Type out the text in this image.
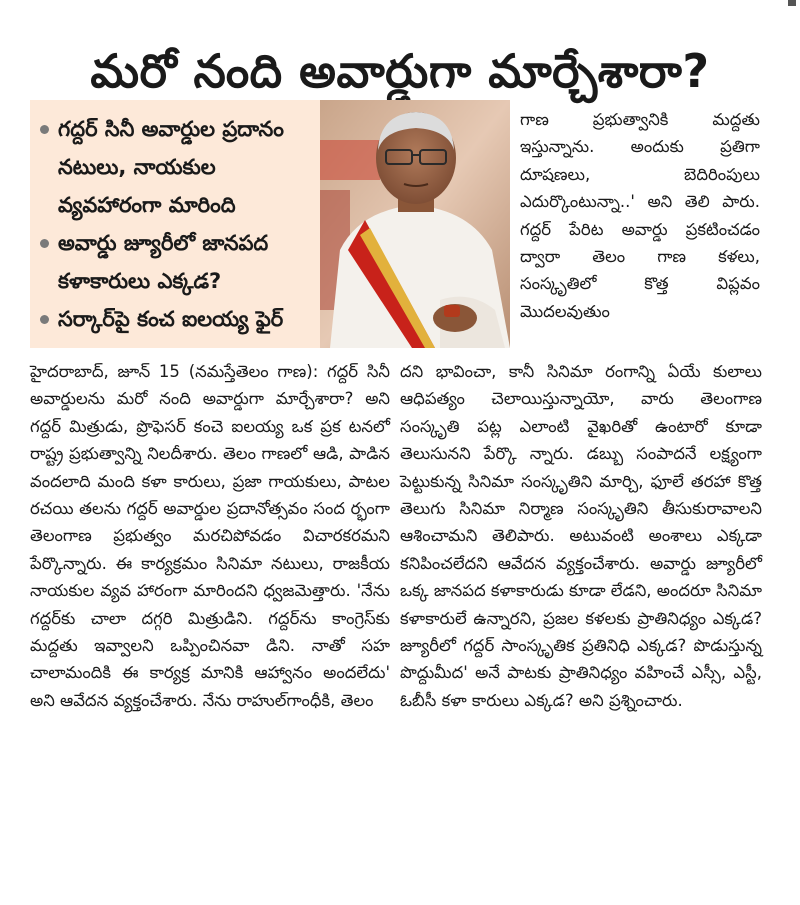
మరో నంది అవార్డుగా మార్చేశారా?
గద్దర్ సినీ అవార్డుల ప్రదానం నటులు, నాయకుల వ్యవహారంగా మారింది
అవార్డు జ్యూరీలో జానపద కళాకారులు ఎక్కడ?
సర్కార్‌పై కంచ ఐలయ్య ఫైర్
గాణ ప్రభుత్వానికి మద్దతు ఇస్తున్నాను. అందుకు ప్రతిగా దూషణలు, బెదిరింపులు ఎదుర్కొంటున్నా..' అని తెలి పారు. గద్దర్ పేరిట అవార్డు ప్రకటించడం ద్వారా తెలం గాణ కళలు, సంస్కృతిలో కొత్త విప్లవం మొదలవుతుం
హైదరాబాద్, జూన్ 15 (నమస్తేతెలం గాణ): గద్దర్ సినీ అవార్డులను మరో నంది అవార్డుగా మార్చేశారా? అని గద్దర్ మిత్రుడు, ప్రొఫెసర్ కంచె ఐలయ్య ఒక ప్రక టనలో రాష్ట్ర ప్రభుత్వాన్ని నిలదీశారు. తెలం గాణలో ఆడి, పాడిన వందలాది మంది కళా కారులు, ప్రజా గాయకులు, పాటల రచయి తలను గద్దర్ అవార్డుల ప్రదానోత్సవం సంద ర్భంగా తెలంగాణ ప్రభుత్వం మరచిపోవడం విచారకరమని పేర్కొన్నారు. ఈ కార్యక్రమం సినిమా నటులు, రాజకీయ నాయకుల వ్యవ హారంగా మారిందని ధ్వజమెత్తారు. 'నేను గద్దర్‌కు చాలా దగ్గరి మిత్రుడిని. గద్దర్‌ను కాంగ్రెస్‌కు మద్దతు ఇవ్వాలని ఒప్పించినవా డిని. నాతో సహ చాలామందికి ఈ కార్యక్ర మానికి ఆహ్వానం అందలేదు' అని ఆవేదన వ్యక్తంచేశారు. నేను రాహుల్‌గాంధీకి, తెలం
దని భావించా, కానీ సినిమా రంగాన్ని ఏయే కులాలు ఆధిపత్యం చెలాయిస్తున్నాయో, వారు తెలంగాణ సంస్కృతి పట్ల ఎలాంటి వైఖరితో ఉంటారో కూడా తెలుసునని పేర్కొ న్నారు. డబ్బు సంపాదనే లక్ష్యంగా పెట్టుకున్న సినిమా సంస్కృతిని మార్చి, ఫూలే తరహా కొత్త తెలుగు సినిమా నిర్మాణ సంస్కృతిని తీసుకురావాలని ఆశించామని తెలిపారు. అటువంటి అంశాలు ఎక్కడా కనిపించలేదని ఆవేదన వ్యక్తంచేశారు. అవార్డు జ్యూరీలో ఒక్క జానపద కళాకారుడు కూడా లేడని, అందరూ సినిమా కళాకారులే ఉన్నారని, ప్రజల కళలకు ప్రాతినిధ్యం ఎక్కడ? జ్యూరీలో గద్దర్ సాంస్కృతిక ప్రతినిధి ఎక్కడ? పొడుస్తున్న పొద్దుమీద' అనే పాటకు ప్రాతినిధ్యం వహించే ఎస్సీ, ఎస్టీ, ఓబీసీ కళా కారులు ఎక్కడ? అని ప్రశ్నించారు.
